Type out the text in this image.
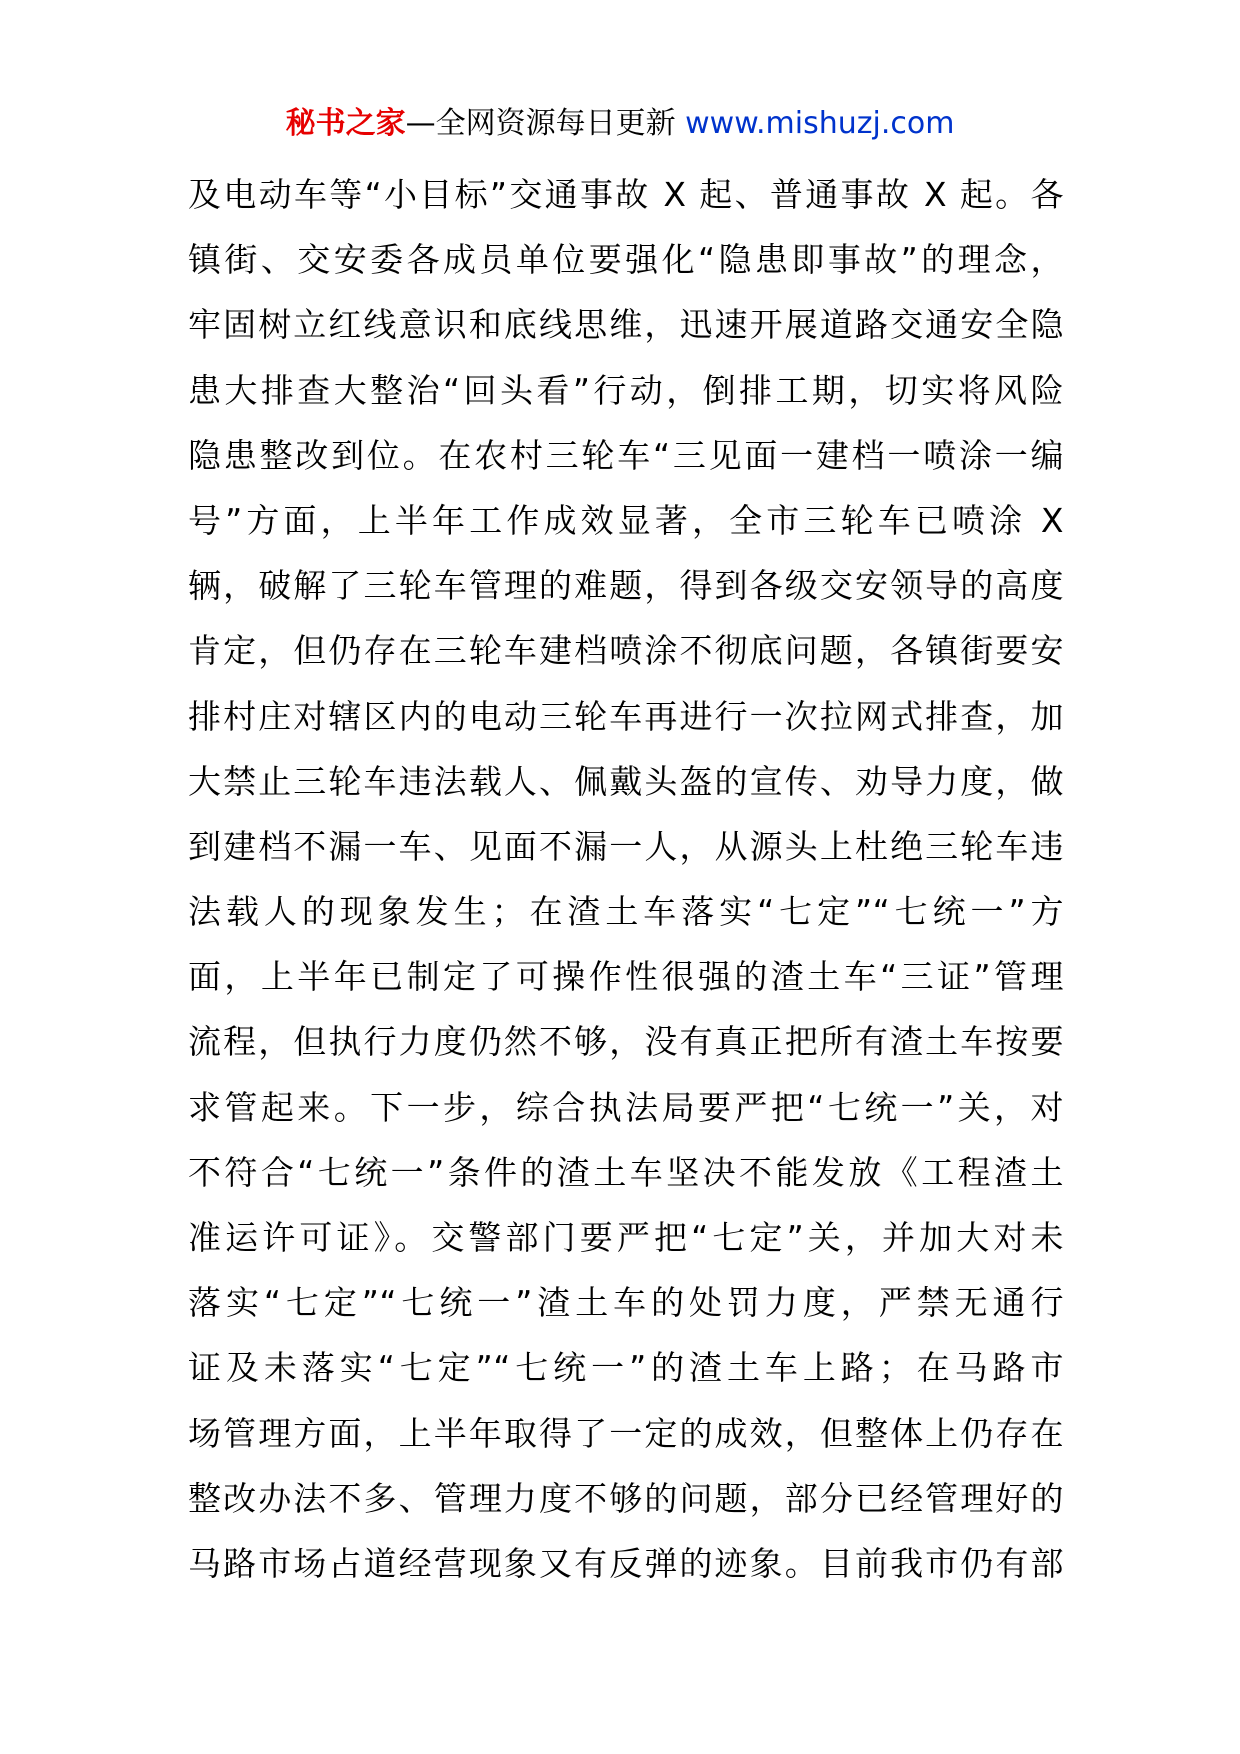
秘书之家—全网资源每日更新 www.mishuzj.com
及电动车等“小目标”交通事故 X 起、普通事故 X 起。各
镇街、交安委各成员单位要强化“隐患即事故”的理念，
牢固树立红线意识和底线思维，迅速开展道路交通安全隐
患大排查大整治“回头看”行动，倒排工期，切实将风险
隐患整改到位。在农村三轮车“三见面一建档一喷涂一编
号”方面，上半年工作成效显著，全市三轮车已喷涂 X
辆，破解了三轮车管理的难题，得到各级交安领导的高度
肯定，但仍存在三轮车建档喷涂不彻底问题，各镇街要安
排村庄对辖区内的电动三轮车再进行一次拉网式排查，加
大禁止三轮车违法载人、佩戴头盔的宣传、劝导力度，做
到建档不漏一车、见面不漏一人，从源头上杜绝三轮车违
法载人的现象发生；在渣土车落实“七定”“七统一”方
面，上半年已制定了可操作性很强的渣土车“三证”管理
流程，但执行力度仍然不够，没有真正把所有渣土车按要
求管起来。下一步，综合执法局要严把“七统一”关，对
不符合“七统一”条件的渣土车坚决不能发放《工程渣土
准运许可证》。交警部门要严把“七定”关，并加大对未
落实“七定”“七统一”渣土车的处罚力度，严禁无通行
证及未落实“七定”“七统一”的渣土车上路；在马路市
场管理方面，上半年取得了一定的成效，但整体上仍存在
整改办法不多、管理力度不够的问题，部分已经管理好的
马路市场占道经营现象又有反弹的迹象。目前我市仍有部
